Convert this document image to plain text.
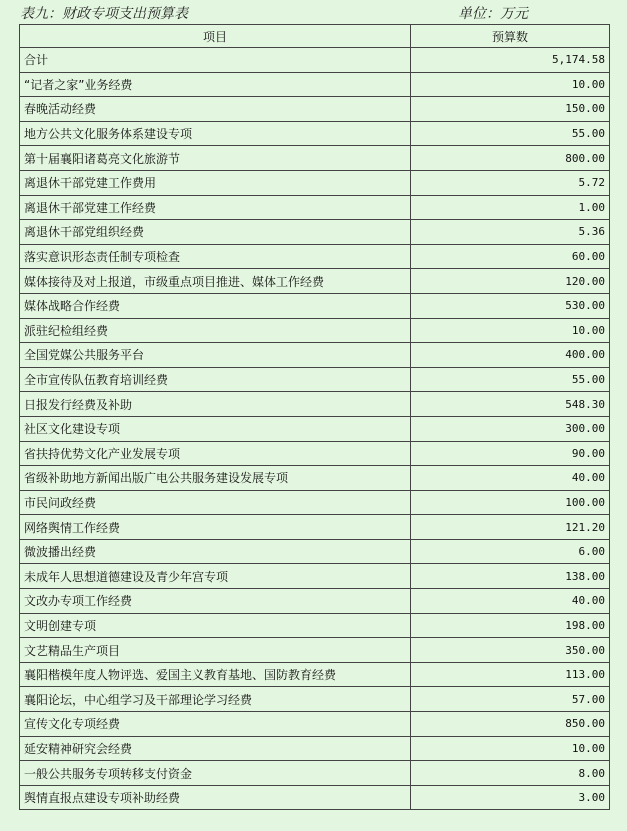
表九：财政专项支出预算表	单位：万元
项目	预算数
合计	5,174.58
“记者之家”业务经费	10.00
春晚活动经费	150.00
地方公共文化服务体系建设专项	55.00
第十届襄阳诸葛亮文化旅游节	800.00
离退休干部党建工作费用	5.72
离退休干部党建工作经费	1.00
离退休干部党组织经费	5.36
落实意识形态责任制专项检查	60.00
媒体接待及对上报道，市级重点项目推进、媒体工作经费	120.00
媒体战略合作经费	530.00
派驻纪检组经费	10.00
全国党媒公共服务平台	400.00
全市宣传队伍教育培训经费	55.00
日报发行经费及补助	548.30
社区文化建设专项	300.00
省扶持优势文化产业发展专项	90.00
省级补助地方新闻出版广电公共服务建设发展专项	40.00
市民问政经费	100.00
网络舆情工作经费	121.20
微波播出经费	6.00
未成年人思想道德建设及青少年宫专项	138.00
文改办专项工作经费	40.00
文明创建专项	198.00
文艺精品生产项目	350.00
襄阳楷模年度人物评选、爱国主义教育基地、国防教育经费	113.00
襄阳论坛，中心组学习及干部理论学习经费	57.00
宣传文化专项经费	850.00
延安精神研究会经费	10.00
一般公共服务专项转移支付资金	8.00
舆情直报点建设专项补助经费	3.00
